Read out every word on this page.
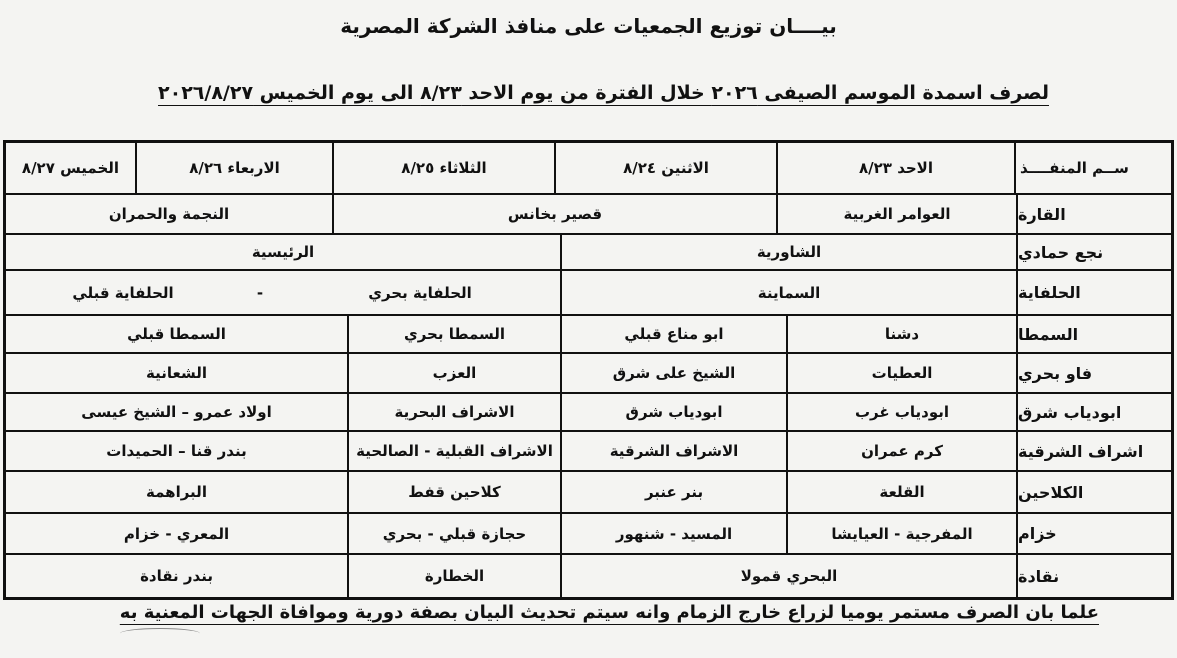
بيــــان توزيع الجمعيات على منافذ الشركة المصرية
لصرف اسمدة الموسم الصيفى ٢٠٢٦ خلال الفترة من يوم الاحد ٨/٢٣ الى يوم الخميس ٢٠٢٦/٨/٢٧
ســم المنفــــذ
الاحد ٨/٢٣
الاثنين ٨/٢٤
الثلاثاء ٨/٢٥
الاربعاء ٨/٢٦
الخميس ٨/٢٧
القارة
العوامر الغربية
قصير بخانس
النجمة والحمران
نجع حمادي
الشاورية
الرئيسية
الحلفاية
السماينة
الحلفاية بحري
-
الحلفاية قبلي
السمطا
دشنا
ابو مناع قبلي
السمطا بحري
السمطا قبلي
فاو بحري
العطيات
الشيخ على شرق
العزب
الشعانية
ابودياب شرق
ابودياب غرب
ابودياب شرق
الاشراف البحرية
اولاد عمرو – الشيخ عيسى
اشراف الشرقية
كرم عمران
الاشراف الشرقية
الاشراف القبلية - الصالحية
بندر قنا – الحميدات
الكلاحين
القلعة
بنر عنبر
كلاحين قفط
البراهمة
خزام
المفرجية - العيايشا
المسيد - شنهور
حجازة قبلي - بحري
المعري - خزام
نقادة
البحري قمولا
الخطارة
بندر نقادة
علما بان الصرف مستمر يوميا لزراع خارج الزمام وانه سيتم تحديث البيان بصفة دورية وموافاة الجهات المعنية به
